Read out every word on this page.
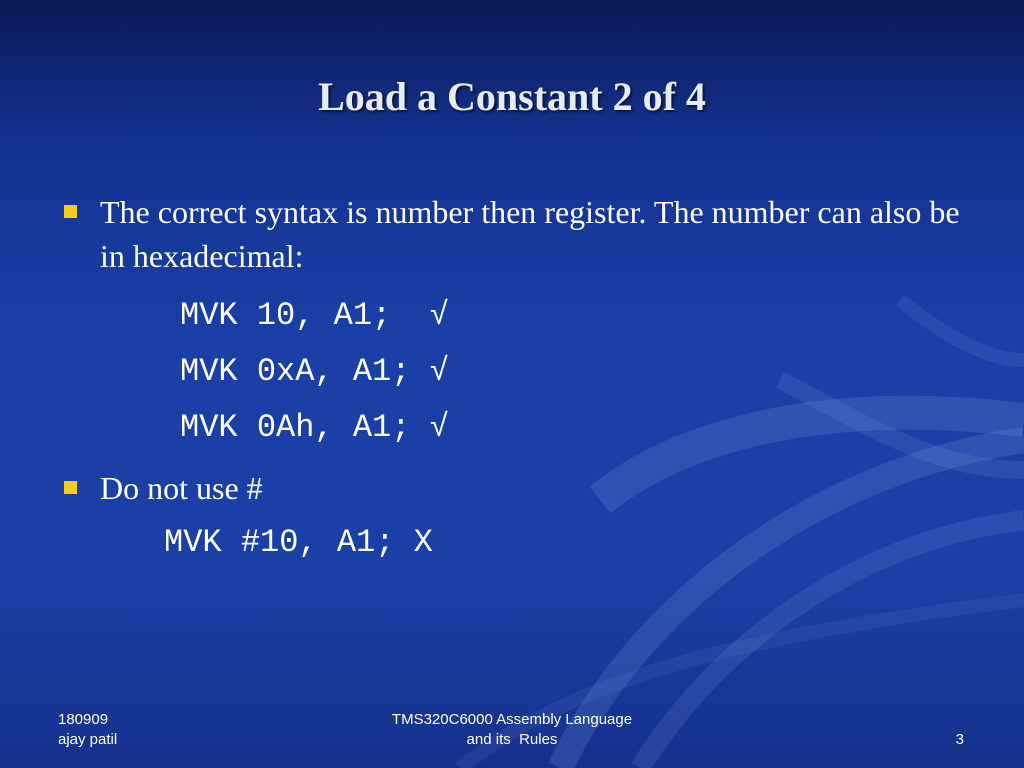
Load a Constant 2 of 4
The correct syntax is number then register. The number can also be in hexadecimal:

MVK 10, A1;  √

MVK 0xA, A1; √

MVK 0Ah, A1; √

Do not use #

MVK #10, A1; X

180909
ajay patil
TMS320C6000 Assembly Language
and its  Rules	3
